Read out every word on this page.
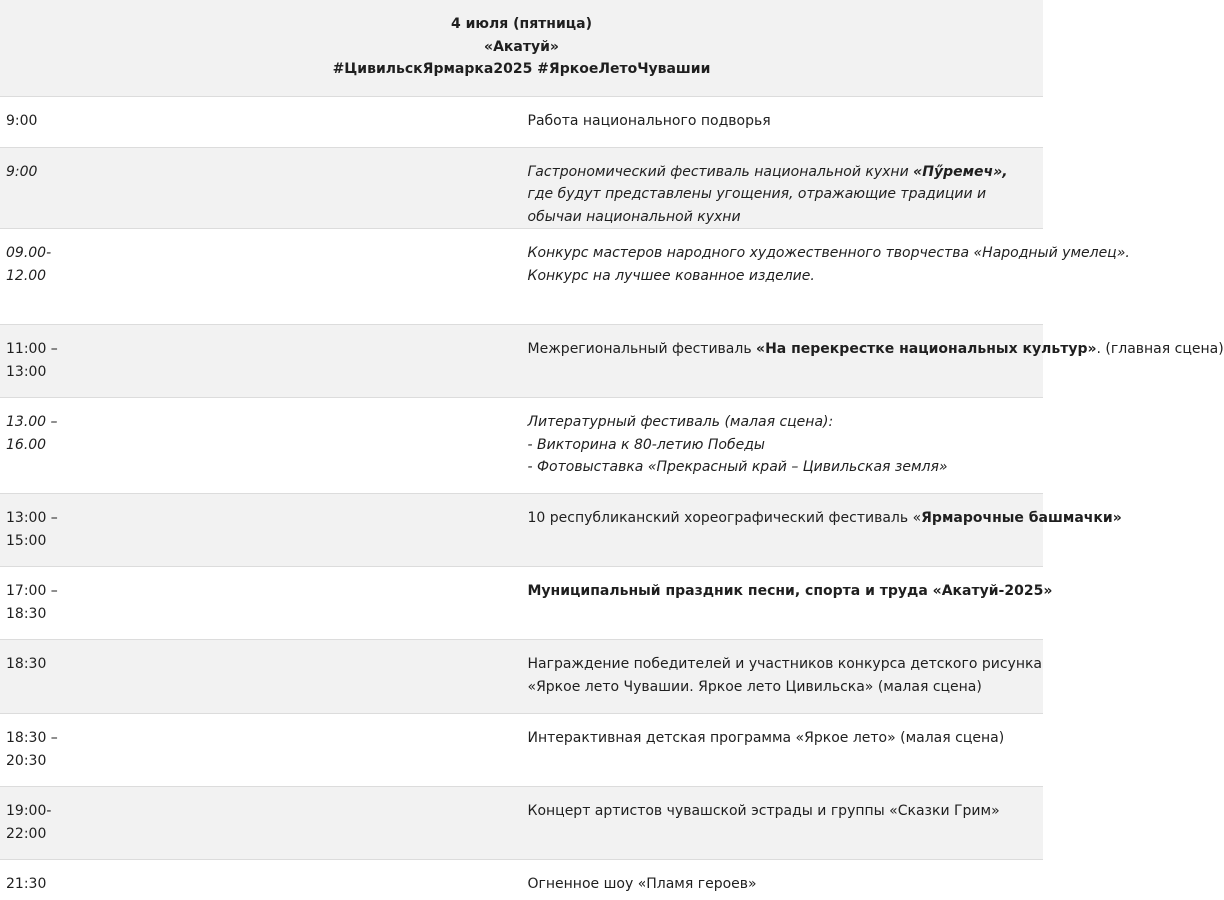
4 июля (пятница)
«Акатуй»
#ЦивильскЯрмарка2025 #ЯркоеЛетоЧувашии	

9:00	Работа национального подворья

9:00	Гастрономический фестиваль национальной кухни «Пӳремеч», где будут представлены угощения, отражающие традиции и обычаи национальной кухни

09.00-
12.00	Конкурс мастеров народного художественного творчества «Народный умелец».
Конкурс на лучшее кованное изделие.

11:00 –
13:00	Межрегиональный фестиваль «На перекрестке национальных культур». (главная сцена)

13.00 –
16.00	Литературный фестиваль (малая сцена):
- Викторина к 80-летию Победы
- Фотовыставка «Прекрасный край – Цивильская земля»

13:00 –
15:00	10 республиканский хореографический фестиваль «Ярмарочные башмачки»

17:00 –
18:30	Муниципальный праздник песни, спорта и труда «Акатуй-2025»

18:30	Награждение победителей и участников конкурса детского рисунка
«Яркое лето Чувашии. Яркое лето Цивильска» (малая сцена)

18:30 –
20:30	Интерактивная детская программа «Яркое лето» (малая сцена)

19:00-
22:00	Концерт артистов чувашской эстрады и группы «Сказки Грим»

21:30	Огненное шоу «Пламя героев»
